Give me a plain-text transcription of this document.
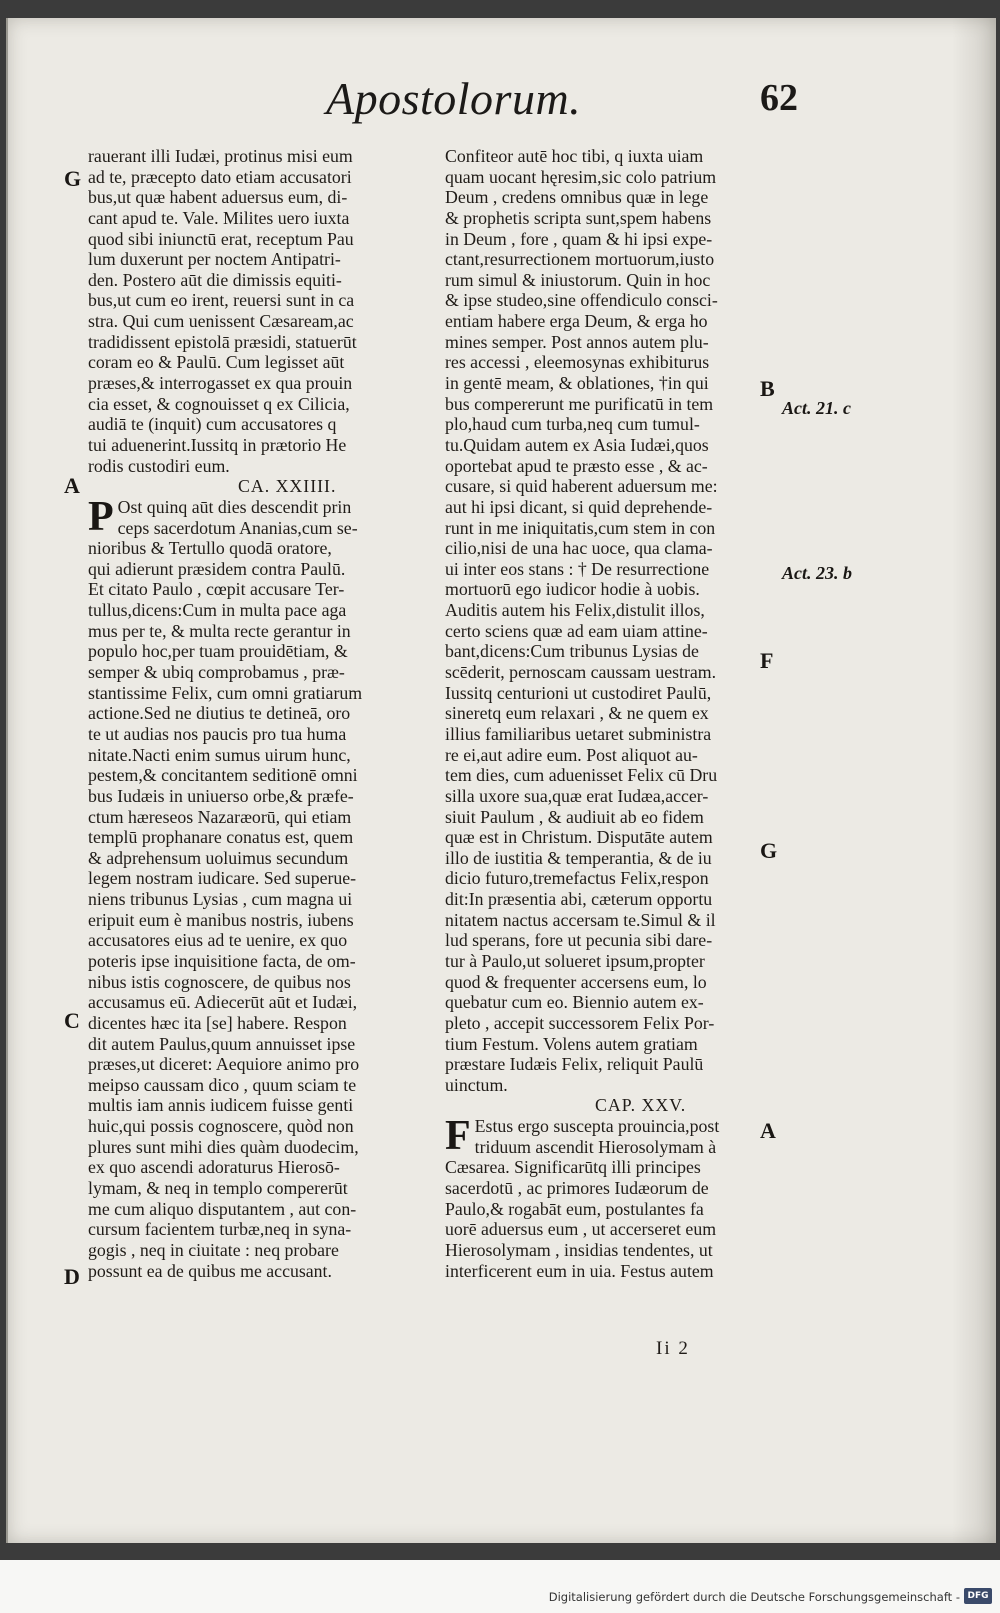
Apostolorum.	62
rauerant illi Iudæi, protinus misi eum
ad te, præcepto dato etiam accusatori
bus,ut quæ habent aduersus eum, di-
cant apud te. Vale. Milites uero iuxta
quod sibi iniunctū erat, receptum Pau
lum duxerunt per noctem Antipatri-
den. Postero aūt die dimissis equiti-
bus,ut cum eo irent, reuersi sunt in ca
stra. Qui cum uenissent Cæsaream,ac
tradidissent epistolā præsidi, statuerūt
coram eo & Paulū. Cum legisset aūt
præses,& interrogasset ex qua prouin
cia esset, & cognouisset q ex Cilicia,
audiā te (inquit) cum accusatores q
tui aduenerint.Iussitq in prætorio He
rodis custodiri eum.
CA. XXIIII.
P Ost quinq aūt dies descendit prin
ceps sacerdotum Ananias,cum se-
nioribus & Tertullo quodā oratore,
qui adierunt præsidem contra Paulū.
Et citato Paulo , cœpit accusare Ter-
tullus,dicens:Cum in multa pace aga
mus per te, & multa recte gerantur in
populo hoc,per tuam prouidētiam, &
semper & ubiq comprobamus , præ-
stantissime Felix, cum omni gratiarum
actione.Sed ne diutius te detineā, oro
te ut audias nos paucis pro tua huma
nitate.Nacti enim sumus uirum hunc,
pestem,& concitantem seditionē omni
bus Iudæis in uniuerso orbe,& præfe-
ctum hæreseos Nazaræorū, qui etiam
templū prophanare conatus est, quem
& adprehensum uoluimus secundum
legem nostram iudicare. Sed superue-
niens tribunus Lysias , cum magna ui
eripuit eum è manibus nostris, iubens
accusatores eius ad te uenire, ex quo
poteris ipse inquisitione facta, de om-
nibus istis cognoscere, de quibus nos
accusamus eū. Adiecerūt aūt et Iudæi,
dicentes hæc ita [se] habere. Respon
dit autem Paulus,quum annuisset ipse
præses,ut diceret: Aequiore animo pro
meipso caussam dico , quum sciam te
multis iam annis iudicem fuisse genti
huic,qui possis cognoscere, quòd non
plures sunt mihi dies quàm duodecim,
ex quo ascendi adoraturus Hierosō-
lymam, & neq in templo compererūt
me cum aliquo disputantem , aut con-
cursum facientem turbæ,neq in syna-
gogis , neq in ciuitate : neq probare
possunt ea de quibus me accusant.
Confiteor autē hoc tibi, q iuxta uiam
quam uocant hęresim,sic colo patrium
Deum , credens omnibus quæ in lege
& prophetis scripta sunt,spem habens
in Deum , fore , quam & hi ipsi expe-
ctant,resurrectionem mortuorum,iusto
rum simul & iniustorum. Quin in hoc
& ipse studeo,sine offendiculo consci-
entiam habere erga Deum, & erga ho
mines semper. Post annos autem plu-
res accessi , eleemosynas exhibiturus
in gentē meam, & oblationes, †in qui
bus compererunt me purificatū in tem
plo,haud cum turba,neq cum tumul-
tu.Quidam autem ex Asia Iudæi,quos
oportebat apud te præsto esse , & ac-
cusare, si quid haberent aduersum me:
aut hi ipsi dicant, si quid deprehende-
runt in me iniquitatis,cum stem in con
cilio,nisi de una hac uoce, qua clama-
ui inter eos stans : † De resurrectione
mortuorū ego iudicor hodie à uobis.
Auditis autem his Felix,distulit illos,
certo sciens quæ ad eam uiam attine-
bant,dicens:Cum tribunus Lysias de
scēderit, pernoscam caussam uestram.
Iussitq centurioni ut custodiret Paulū,
sineretq eum relaxari , & ne quem ex
illius familiaribus uetaret subministra
re ei,aut adire eum. Post aliquot au-
tem dies, cum aduenisset Felix cū Dru
silla uxore sua,quæ erat Iudæa,accer-
siuit Paulum , & audiuit ab eo fidem
quæ est in Christum. Disputāte autem
illo de iustitia & temperantia, & de iu
dicio futuro,tremefactus Felix,respon
dit:In præsentia abi, cæterum opportu
nitatem nactus accersam te.Simul & il
lud sperans, fore ut pecunia sibi dare-
tur à Paulo,ut solueret ipsum,propter
quod & frequenter accersens eum, lo
quebatur cum eo. Biennio autem ex-
pleto , accepit successorem Felix Por-
tium Festum. Volens autem gratiam
præstare Iudæis Felix, reliquit Paulū
uinctum.
CAP. XXV.
F Estus ergo suscepta prouincia,post
triduum ascendit Hierosolymam à
Cæsarea. Significarūtq illi principes
sacerdotū , ac primores Iudæorum de
Paulo,& rogabāt eum, postulantes fa
uorē aduersus eum , ut accerseret eum
Hierosolymam , insidias tendentes, ut
interficerent eum in uia. Festus autem
G
A
C
D
B
F
G
A
Act. 21. c
Act. 23. b
Ii 2
Digitalisierung gefördert durch die Deutsche Forschungsgemeinschaft - DFG
